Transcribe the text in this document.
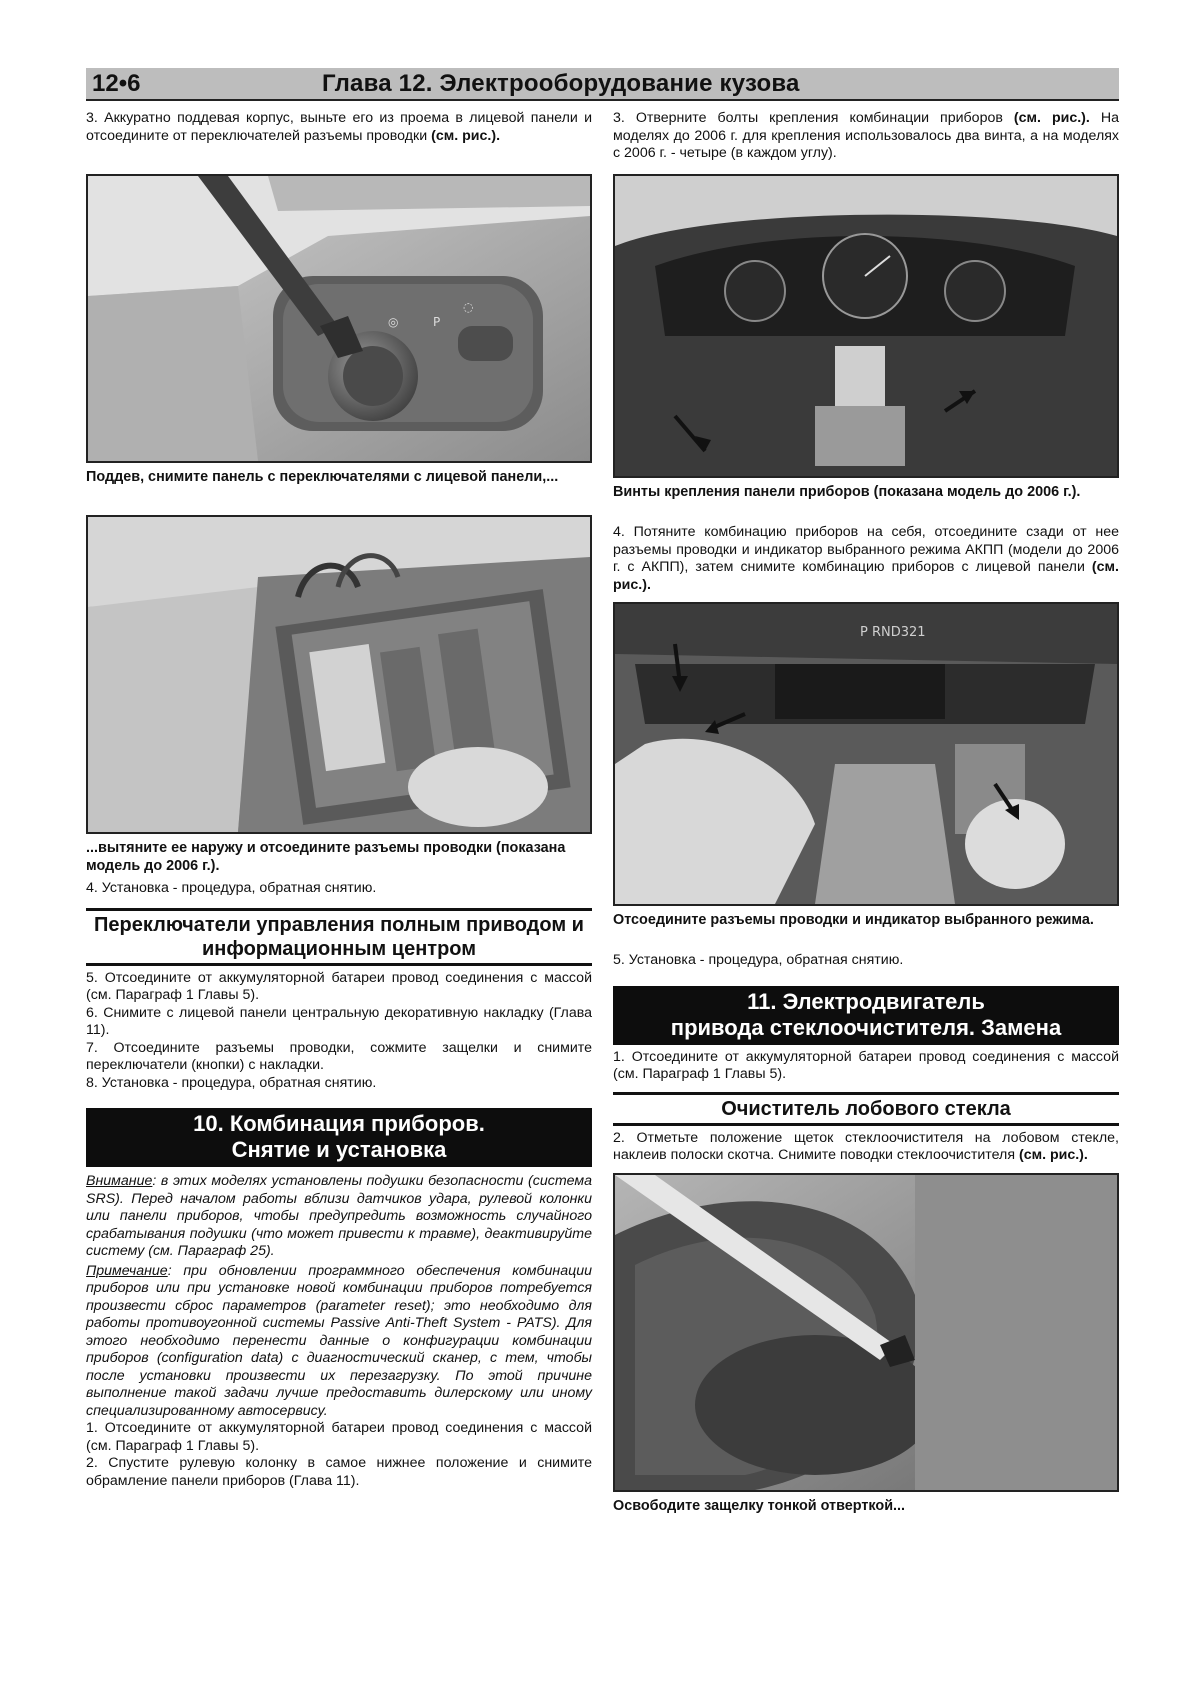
12•6	Глава 12. Электрооборудование кузова

3. Аккуратно поддевая корпус, выньте его из проема в лицевой панели и отсоедините от переключателей разъемы проводки (см. рис.).

P
◎
◌

Поддев, снимите панель с переключателями с лицевой панели,...

...вытяните ее наружу и отсоедините разъемы проводки (показана модель до 2006 г.).

4. Установка - процедура, обратная снятию.

Переключатели управления полным приводом и информационным центром

5. Отсоедините от аккумуляторной батареи провод соединения с массой (см. Параграф 1 Главы 5).

6. Снимите с лицевой панели центральную декоративную накладку (Глава 11).

7. Отсоедините разъемы проводки, сожмите защелки и снимите переключатели (кнопки) с накладки.

8. Установка - процедура, обратная снятию.

10. Комбинация приборов.
Снятие и установка

Внимание: в этих моделях установлены подушки безопасности (система SRS). Перед началом работы вблизи датчиков удара, рулевой колонки или панели приборов, чтобы предупредить возможность случайного срабатывания подушки (что может привести к травме), деактивируйте систему (см. Параграф 25).

Примечание: при обновлении программного обеспечения комбинации приборов или при установке новой комбинации приборов потребуется произвести сброс параметров (parameter reset); это необходимо для работы противоугонной системы Passive Anti-Theft System - PATS). Для этого необходимо перенести данные о конфигурации комбинации приборов (configuration data) с диагностический сканер, с тем, чтобы после установки произвести их перезагрузку. По этой причине выполнение такой задачи лучше предоставить дилерскому или иному специализированному автосервису.

1. Отсоедините от аккумуляторной батареи провод соединения с массой (см. Параграф 1 Главы 5).

2. Спустите рулевую колонку в самое нижнее положение и снимите обрамление панели приборов (Глава 11).

3. Отверните болты крепления комбинации приборов (см. рис.). На моделях до 2006 г. для крепления использовалось два винта, а на моделях с 2006 г. - четыре (в каждом углу).

Винты крепления панели приборов (показана модель до 2006 г.).

4. Потяните комбинацию приборов на себя, отсоедините сзади от нее разъемы проводки и индикатор выбранного режима АКПП (модели до 2006 г. с АКПП), затем снимите комбинацию приборов с лицевой панели (см. рис.).

P RND321

Отсоедините разъемы проводки и индикатор выбранного режима.

5. Установка - процедура, обратная снятию.

11. Электродвигатель
привода стеклоочистителя. Замена

1. Отсоедините от аккумуляторной батареи провод соединения с массой (см. Параграф 1 Главы 5).

Очиститель лобового стекла

2. Отметьте положение щеток стеклоочистителя на лобовом стекле, наклеив полоски скотча. Снимите поводки стеклоочистителя (см. рис.).

Освободите защелку тонкой отверткой...
